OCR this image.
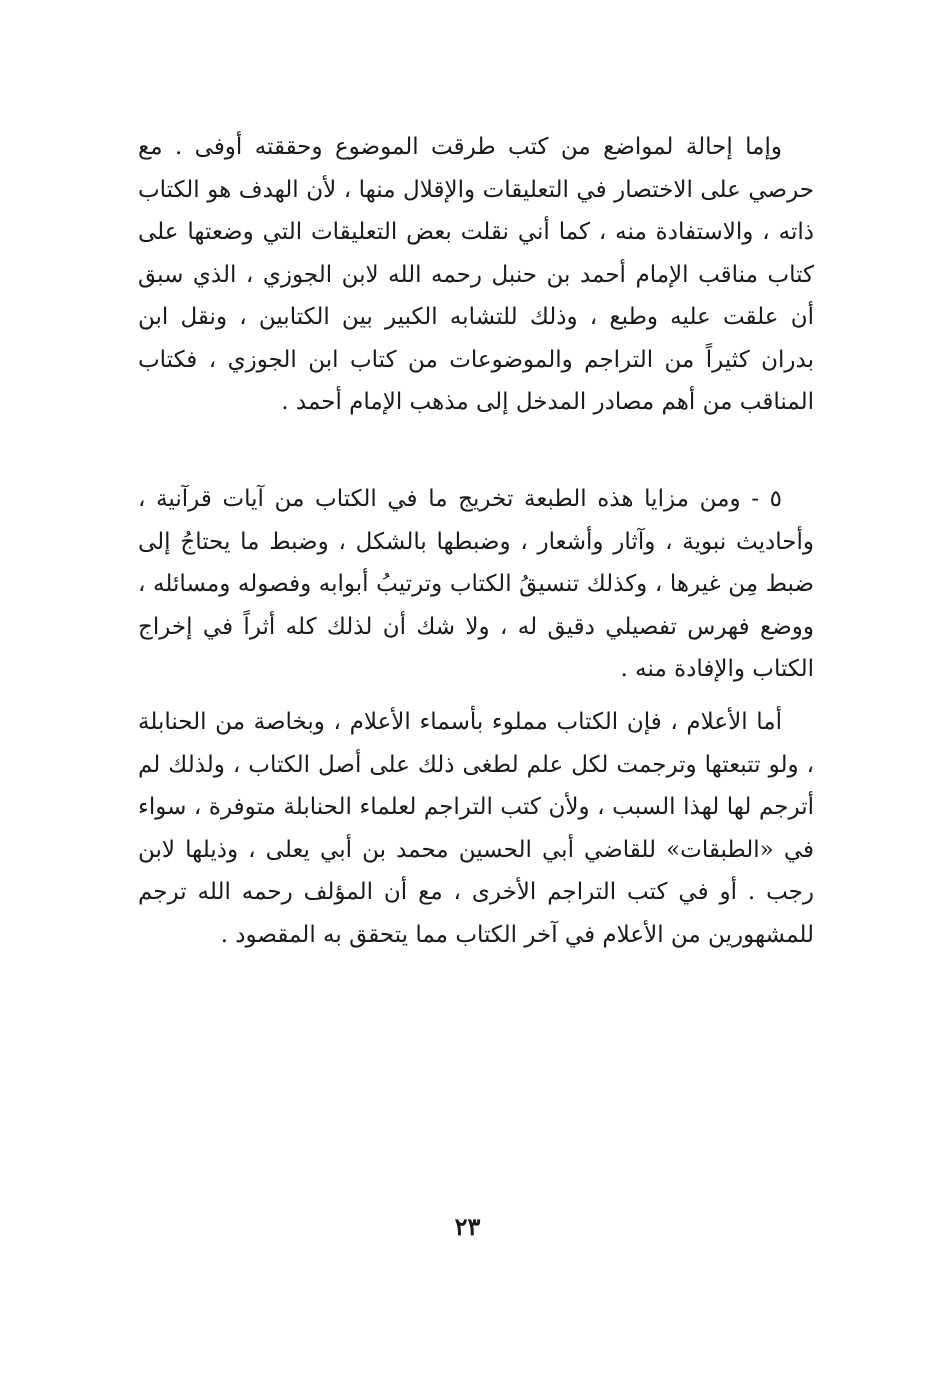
وإما إحالة لمواضع من كتب طرقت الموضوع وحققته أوفى . مع حرصي على الاختصار في التعليقات والإقلال منها ، لأن الهدف هو الكتاب ذاته ، والاستفادة منه ، كما أني نقلت بعض التعليقات التي وضعتها على كتاب مناقب الإمام أحمد بن حنبل رحمه الله لابن الجوزي ، الذي سبق أن علقت عليه وطبع ، وذلك للتشابه الكبير بين الكتابين ، ونقل ابن بدران كثيراً من التراجم والموضوعات من كتاب ابن الجوزي ، فكتاب المناقب من أهم مصادر المدخل إلى مذهب الإمام أحمد .

٥ - ومن مزايا هذه الطبعة تخريج ما في الكتاب من آيات قرآنية ، وأحاديث نبوية ، وآثار وأشعار ، وضبطها بالشكل ، وضبط ما يحتاجُ إلى ضبط مِن غيرها ، وكذلك تنسيقُ الكتاب وترتيبُ أبوابه وفصوله ومسائله ، ووضع فهرس تفصيلي دقيق له ، ولا شك أن لذلك كله أثراً في إخراج الكتاب والإفادة منه .

أما الأعلام ، فإن الكتاب مملوء بأسماء الأعلام ، وبخاصة من الحنابلة ، ولو تتبعتها وترجمت لكل علم لطغى ذلك على أصل الكتاب ، ولذلك لم أترجم لها لهذا السبب ، ولأن كتب التراجم لعلماء الحنابلة متوفرة ، سواء في «الطبقات» للقاضي أبي الحسين محمد بن أبي يعلى ، وذيلها لابن رجب . أو في كتب التراجم الأخرى ، مع أن المؤلف رحمه الله ترجم للمشهورين من الأعلام في آخر الكتاب مما يتحقق به المقصود .

٢٣
